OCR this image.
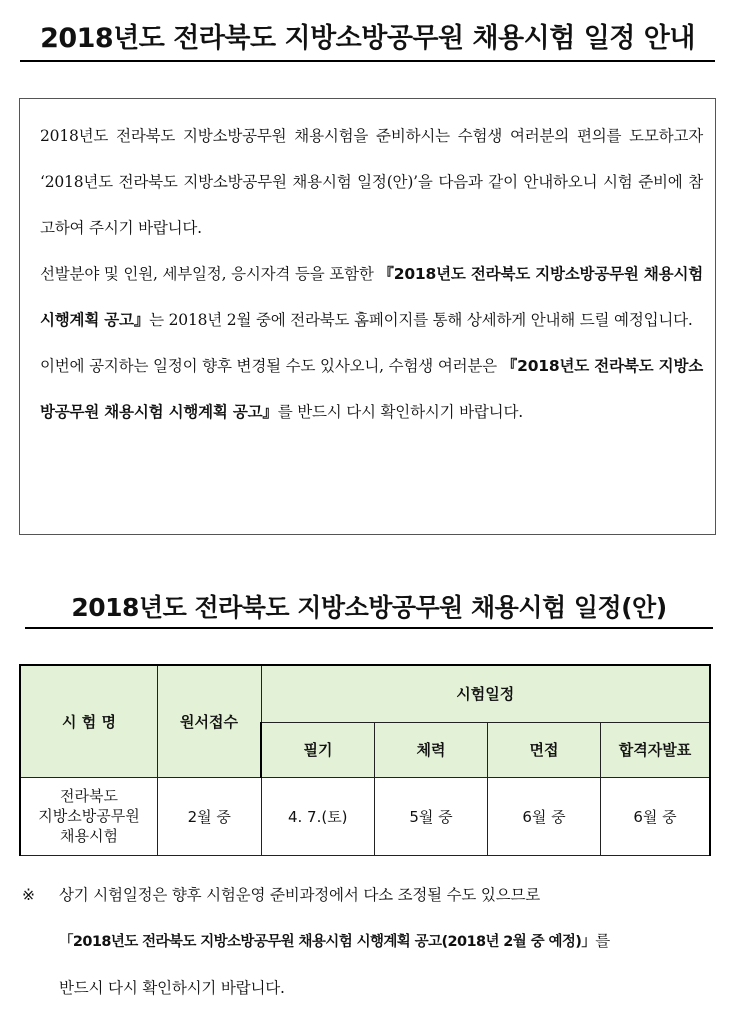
2018년도 전라북도 지방소방공무원 채용시험 일정 안내

2018년도 전라북도 지방소방공무원 채용시험을 준비하시는 수험생 여러분의 편의를 도모하고자 ‘2018년도 전라북도 지방소방공무원 채용시험 일정(안)’을 다음과 같이 안내하오니 시험 준비에 참고하여 주시기 바랍니다.

선발분야 및 인원, 세부일정, 응시자격 등을 포함한 『2018년도 전라북도 지방소방공무원 채용시험 시행계획 공고』는 2018년 2월 중에 전라북도 홈페이지를 통해 상세하게 안내해 드릴 예정입니다.

이번에 공지하는 일정이 향후 변경될 수도 있사오니, 수험생 여러분은 『2018년도 전라북도 지방소방공무원 채용시험 시행계획 공고』를 반드시 다시 확인하시기 바랍니다.

2018년도 전라북도 지방소방공무원 채용시험 일정(안)
시 험 명	원서접수	시험일정			
		필기	체력	면접	합격자발표

전라북도
지방소방공무원
채용시험	2월 중	4. 7.(토)	5월 중	6월 중	6월 중
※ 상기 시험일정은 향후 시험운영 준비과정에서 다소 조정될 수도 있으므로
「2018년도 전라북도 지방소방공무원 채용시험 시행계획 공고(2018년 2월 중 예정)」를
반드시 다시 확인하시기 바랍니다.
